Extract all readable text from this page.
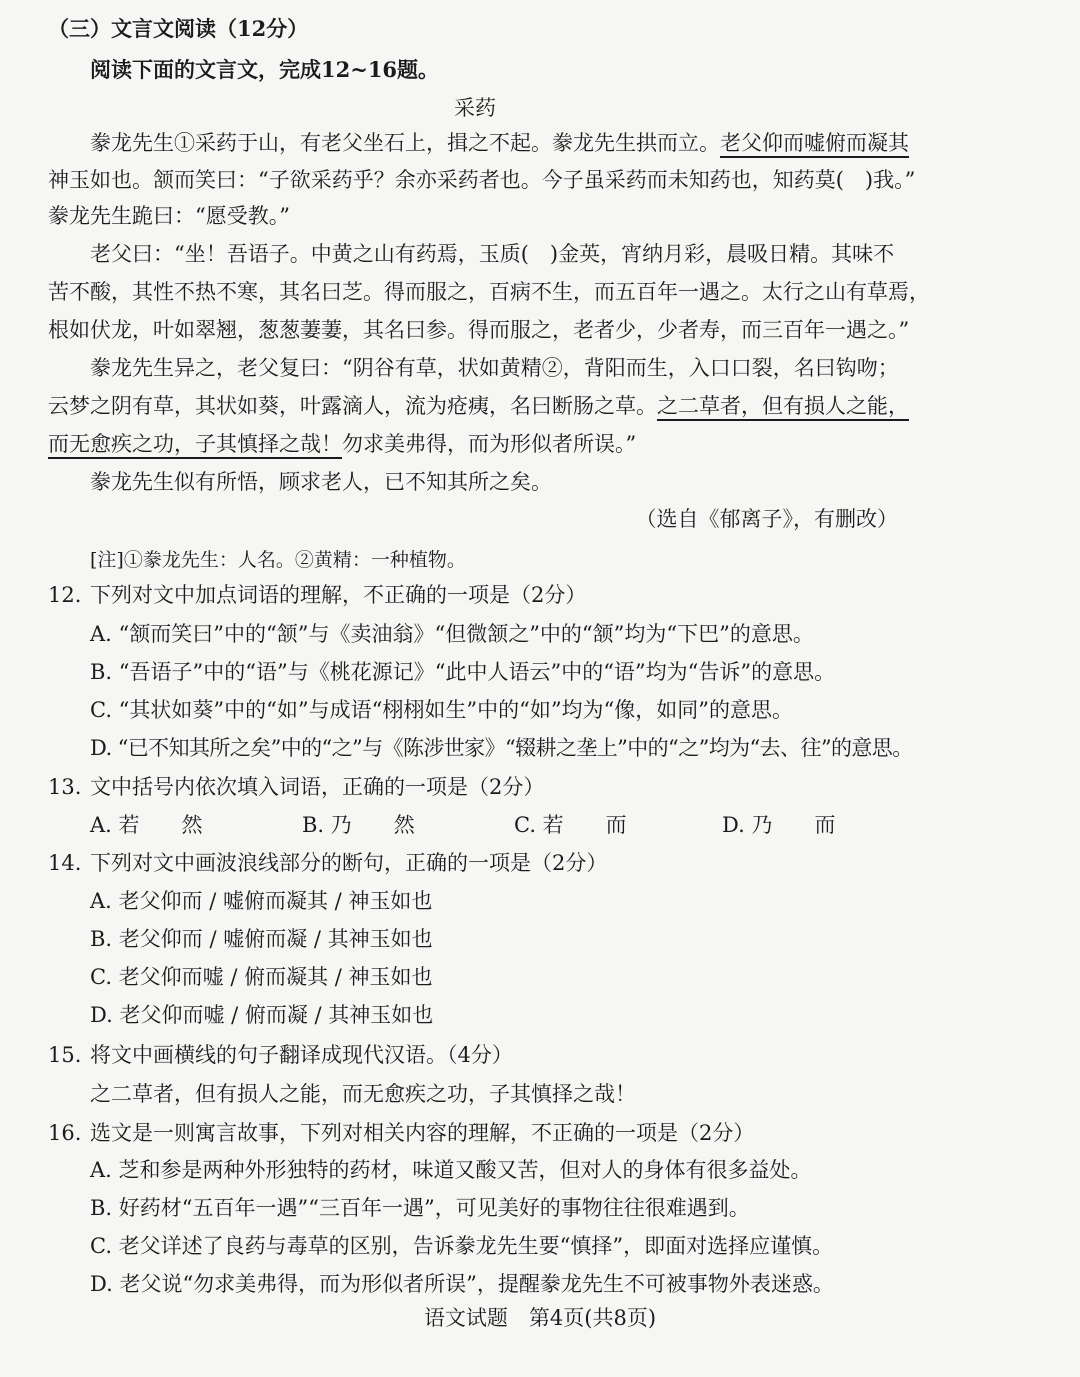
（三）文言文阅读（12分）
阅读下面的文言文，完成12~16题。
采药
豢龙先生①采药于山，有老父坐石上，揖之不起。豢龙先生拱而立。老父仰而嘘俯而凝其
神玉如也。颔而笑曰：“子欲采药乎？余亦采药者也。今子虽采药而未知药也，知药莫(　)我。”
豢龙先生跪曰：“愿受教。”
老父曰：“坐！吾语子。中黄之山有药焉，玉质(　)金英，宵纳月彩，晨吸日精。其味不
苦不酸，其性不热不寒，其名曰芝。得而服之，百病不生，而五百年一遇之。太行之山有草焉，
根如伏龙，叶如翠翘，葱葱萋萋，其名曰参。得而服之，老者少，少者寿，而三百年一遇之。”
豢龙先生异之，老父复曰：“阴谷有草，状如黄精②，背阳而生，入口口裂，名曰钩吻；
云梦之阴有草，其状如葵，叶露滴人，流为疮痍，名曰断肠之草。之二草者，但有损人之能，
而无愈疾之功，子其慎择之哉！勿求美弗得，而为形似者所误。”
豢龙先生似有所悟，顾求老人，已不知其所之矣。
（选自《郁离子》，有删改）
[注]①豢龙先生：人名。②黄精：一种植物。
12. 下列对文中加点词语的理解，不正确的一项是（2分）
A. “颔而笑曰”中的“颔”与《卖油翁》“但微颔之”中的“颔”均为“下巴”的意思。
B. “吾语子”中的“语”与《桃花源记》“此中人语云”中的“语”均为“告诉”的意思。
C. “其状如葵”中的“如”与成语“栩栩如生”中的“如”均为“像，如同”的意思。
D. “已不知其所之矣”中的“之”与《陈涉世家》“辍耕之垄上”中的“之”均为“去、往”的意思。
13. 文中括号内依次填入词语，正确的一项是（2分）
A. 若　　然	B. 乃　　然	C. 若　　而	D. 乃　　而
14. 下列对文中画波浪线部分的断句，正确的一项是（2分）
A. 老父仰而 / 嘘俯而凝其 / 神玉如也
B. 老父仰而 / 嘘俯而凝 / 其神玉如也
C. 老父仰而嘘 / 俯而凝其 / 神玉如也
D. 老父仰而嘘 / 俯而凝 / 其神玉如也
15. 将文中画横线的句子翻译成现代汉语。（4分）
之二草者，但有损人之能，而无愈疾之功，子其慎择之哉！
16. 选文是一则寓言故事，下列对相关内容的理解，不正确的一项是（2分）
A. 芝和参是两种外形独特的药材，味道又酸又苦，但对人的身体有很多益处。
B. 好药材“五百年一遇”“三百年一遇”，可见美好的事物往往很难遇到。
C. 老父详述了良药与毒草的区别，告诉豢龙先生要“慎择”，即面对选择应谨慎。
D. 老父说“勿求美弗得，而为形似者所误”，提醒豢龙先生不可被事物外表迷惑。
语文试题　第4页(共8页)
